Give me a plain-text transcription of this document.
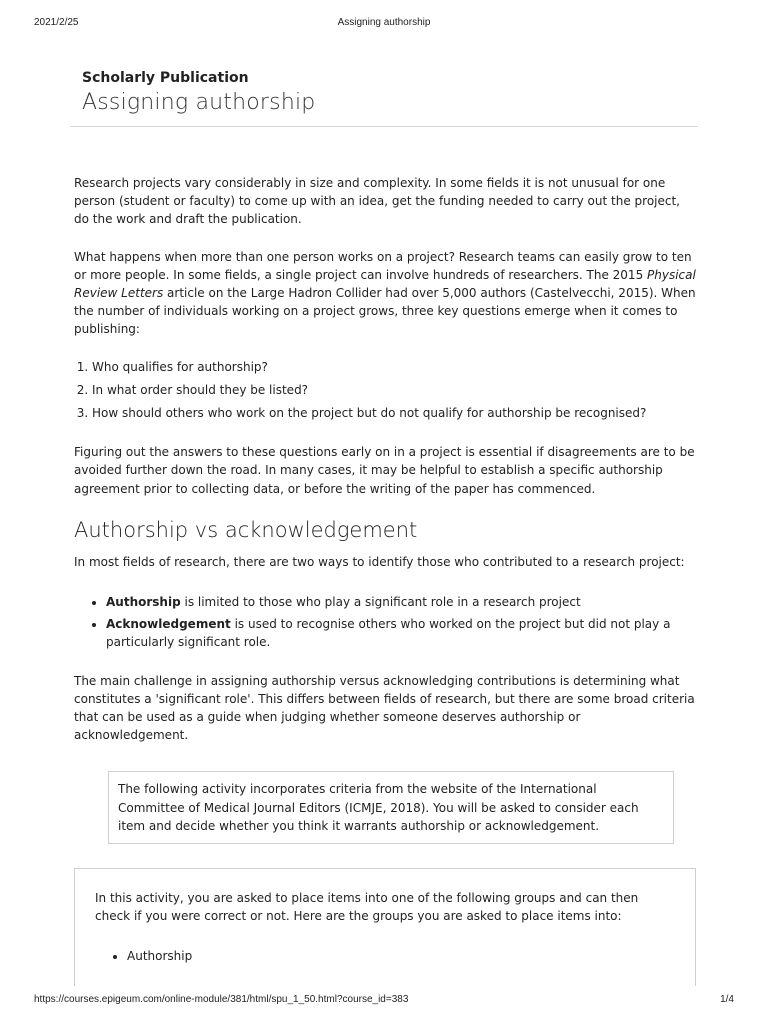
2021/2/25	Assigning authorship
Scholarly Publication
Assigning authorship

Research projects vary considerably in size and complexity. In some fields it is not unusual for one person (student or faculty) to come up with an idea, get the funding needed to carry out the project, do the work and draft the publication.

What happens when more than one person works on a project? Research teams can easily grow to ten or more people. In some fields, a single project can involve hundreds of researchers. The 2015 Physical Review Letters article on the Large Hadron Collider had over 5,000 authors (Castelvecchi, 2015). When the number of individuals working on a project grows, three key questions emerge when it comes to publishing:

1. Who qualifies for authorship?
2. In what order should they be listed?
3. How should others who work on the project but do not qualify for authorship be recognised?

Figuring out the answers to these questions early on in a project is essential if disagreements are to be avoided further down the road. In many cases, it may be helpful to establish a specific authorship agreement prior to collecting data, or before the writing of the paper has commenced.

Authorship vs acknowledgement

In most fields of research, there are two ways to identify those who contributed to a research project:

• Authorship is limited to those who play a significant role in a research project
• Acknowledgement is used to recognise others who worked on the project but did not play a particularly significant role.

The main challenge in assigning authorship versus acknowledging contributions is determining what constitutes a 'significant role'. This differs between fields of research, but there are some broad criteria that can be used as a guide when judging whether someone deserves authorship or acknowledgement.

The following activity incorporates criteria from the website of the International Committee of Medical Journal Editors (ICMJE, 2018). You will be asked to consider each item and decide whether you think it warrants authorship or acknowledgement.

In this activity, you are asked to place items into one of the following groups and can then check if you were correct or not. Here are the groups you are asked to place items into:

• Authorship
https://courses.epigeum.com/online-module/381/html/spu_1_50.html?course_id=383	1/4
